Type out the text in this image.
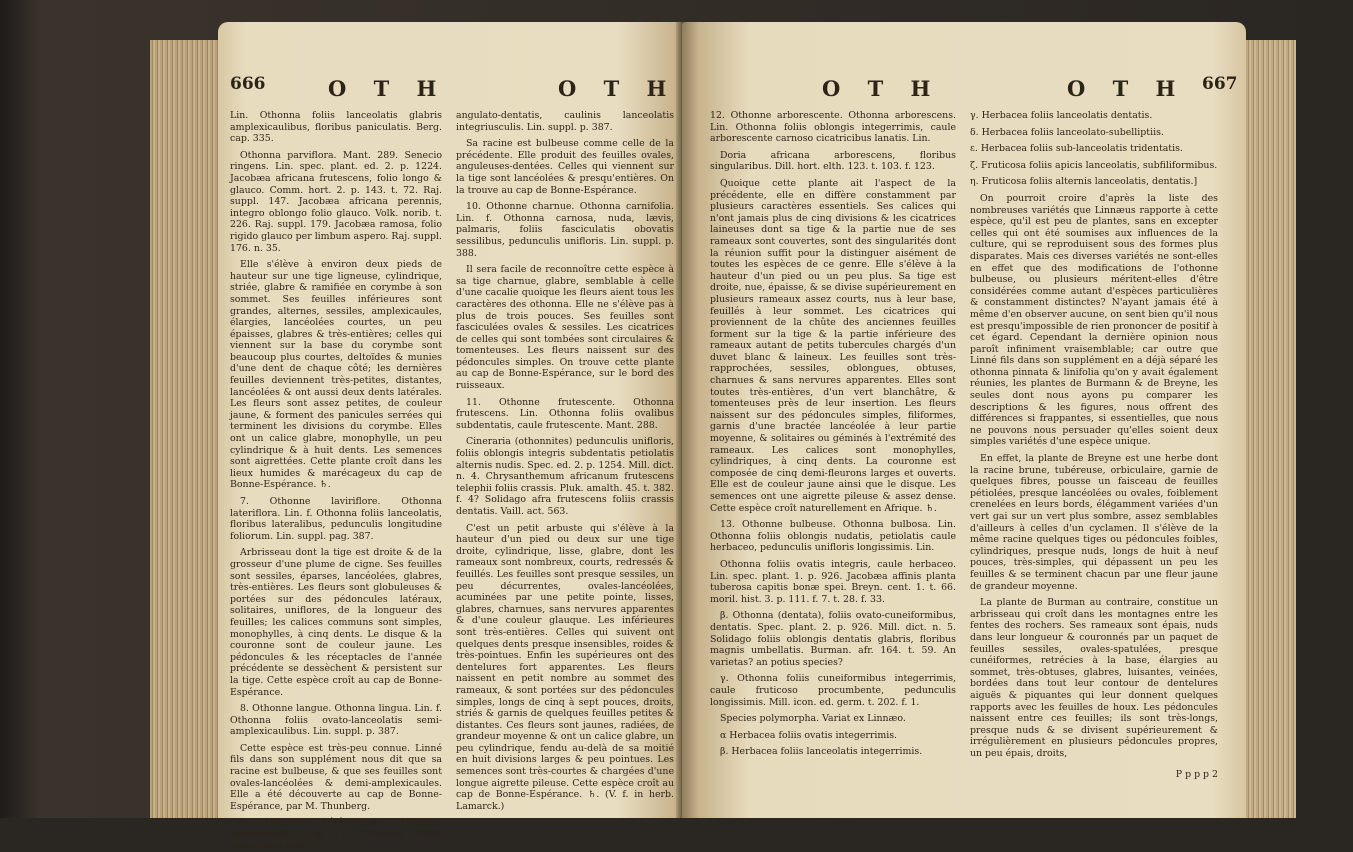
666	O T H	O T H

Lin. Othonna foliis lanceolatis glabris amplexicaulibus, floribus paniculatis. Berg. cap. 335.

Othonna parviflora. Mant. 289. Senecio ringens. Lin. spec. plant. ed. 2. p. 1224. Jacobæa africana frutescens, folio longo & glauco. Comm. hort. 2. p. 143. t. 72. Raj. suppl. 147. Jacobæa africana perennis, integro oblongo folio glauco. Volk. norib. t. 226. Raj. suppl. 179. Jacobæa ramosa, folio rigido glauco per limbum aspero. Raj. suppl. 176. n. 35.

Elle s'élève à environ deux pieds de hauteur sur une tige ligneuse, cylindrique, striée, glabre & ramifiée en corymbe à son sommet. Ses feuilles inférieures sont grandes, alternes, sessiles, amplexicaules, élargies, lancéolées courtes, un peu épaisses, glabres & très-entières; celles qui viennent sur la base du corymbe sont beaucoup plus courtes, deltoïdes & munies d'une dent de chaque côté; les dernières feuilles deviennent très-petites, distantes, lancéolées & ont aussi deux dents latérales. Les fleurs sont assez petites, de couleur jaune, & forment des panicules serrées qui terminent les divisions du corymbe. Elles ont un calice glabre, monophylle, un peu cylindrique & à huit dents. Les semences sont aigrettées. Cette plante croît dans les lieux humides & marécageux du cap de Bonne-Espérance. ♄.

7. Othonne laviriflore. Othonna lateriflora. Lin. f. Othonna foliis lanceolatis, floribus lateralibus, pedunculis longitudine foliorum. Lin. suppl. pag. 387.

Arbrisseau dont la tige est droite & de la grosseur d'une plume de cigne. Ses feuilles sont sessiles, éparses, lancéolées, glabres, très-entières. Les fleurs sont globuleuses & portées sur des pédoncules latéraux, solitaires, uniflores, de la longueur des feuilles; les calices communs sont simples, monophylles, à cinq dents. Le disque & la couronne sont de couleur jaune. Les pédoncules & les réceptacles de l'année précédente se dessèchent & persistent sur la tige. Cette espèce croît au cap de Bonne-Espérance.

8. Othonne langue. Othonna lingua. Lin. f. Othonna foliis ovato-lanceolatis semi-amplexicaulibus. Lin. suppl. p. 387.

Cette espèce est très-peu connue. Linné fils dans son supplément nous dit que sa racine est bulbeuse, & que ses feuilles sont ovales-lancéolées & demi-amplexicaules. Elle a été découverte au cap de Bonne-Espérance, par M. Thunberg.

9. Othonne hétérophylle. Othonna heterophylla. Lin. f. Othonna foliis radicalibus ovatis

angulato-dentatis, caulinis lanceolatis integriusculis. Lin. suppl. p. 387.

Sa racine est bulbeuse comme celle de la précédente. Elle produit des feuilles ovales, anguleuses-dentées. Celles qui viennent sur la tige sont lancéolées & presqu'entières. On la trouve au cap de Bonne-Espérance.

10. Othonne charnue. Othonna carnifolia. Lin. f. Othonna carnosa, nuda, lævis, palmaris, foliis fasciculatis obovatis sessilibus, pedunculis unifloris. Lin. suppl. p. 388.

Il sera facile de reconnoître cette espèce à sa tige charnue, glabre, semblable à celle d'une cacalie quoique les fleurs aient tous les caractères des othonna. Elle ne s'élève pas à plus de trois pouces. Ses feuilles sont fasciculées ovales & sessiles. Les cicatrices de celles qui sont tombées sont circulaires & tomenteuses. Les fleurs naissent sur des pédoncules simples. On trouve cette plante au cap de Bonne-Espérance, sur le bord des ruisseaux.

11. Othonne frutescente. Othonna frutescens. Lin. Othonna foliis ovalibus subdentatis, caule frutescente. Mant. 288.

Cineraria (othonnites) pedunculis unifloris, foliis oblongis integris subdentatis petiolatis alternis nudis. Spec. ed. 2. p. 1254. Mill. dict. n. 4. Chrysanthemum africanum frutescens telephii foliis crassis. Pluk. amalth. 45. t. 382. f. 4? Solidago afra frutescens foliis crassis dentatis. Vaill. act. 563.

C'est un petit arbuste qui s'élève à la hauteur d'un pied ou deux sur une tige droite, cylindrique, lisse, glabre, dont les rameaux sont nombreux, courts, redressés & feuillés. Les feuilles sont presque sessiles, un peu décurrentes, ovales-lancéolées, acuminées par une petite pointe, lisses, glabres, charnues, sans nervures apparentes & d'une couleur glauque. Les inférieures sont très-entières. Celles qui suivent ont quelques dents presque insensibles, roides & très-pointues. Enfin les supérieures ont des dentelures fort apparentes. Les fleurs naissent en petit nombre au sommet des rameaux, & sont portées sur des pédoncules simples, longs de cinq à sept pouces, droits, striés & garnis de quelques feuilles petites & distantes. Ces fleurs sont jaunes, radiées, de grandeur moyenne & ont un calice glabre, un peu cylindrique, fendu au-delà de sa moitié en huit divisions larges & peu pointues. Les semences sont très-courtes & chargées d'une longue aigrette pileuse. Cette espèce croît au cap de Bonne-Espérance. ♄. (V. f. in herb. Lamarck.)

O T H	O T H 667

12. Othonne arborescente. Othonna arborescens. Lin. Othonna foliis oblongis integerrimis, caule arborescente carnoso cicatricibus lanatis. Lin.

Doria africana arborescens, floribus singularibus. Dill. hort. elth. 123. t. 103. f. 123.

Quoique cette plante ait l'aspect de la précédente, elle en diffère constamment par plusieurs caractères essentiels. Ses calices qui n'ont jamais plus de cinq divisions & les cicatrices laineuses dont sa tige & la partie nue de ses rameaux sont couvertes, sont des singularités dont la réunion suffit pour la distinguer aisément de toutes les espèces de ce genre. Elle s'élève à la hauteur d'un pied ou un peu plus. Sa tige est droite, nue, épaisse, & se divise supérieurement en plusieurs rameaux assez courts, nus à leur base, feuillés à leur sommet. Les cicatrices qui proviennent de la chûte des anciennes feuilles forment sur la tige & la partie inférieure des rameaux autant de petits tubercules chargés d'un duvet blanc & laineux. Les feuilles sont très-rapprochées, sessiles, oblongues, obtuses, charnues & sans nervures apparentes. Elles sont toutes très-entières, d'un vert blanchâtre, & tomenteuses près de leur insertion. Les fleurs naissent sur des pédoncules simples, filiformes, garnis d'une bractée lancéolée à leur partie moyenne, & solitaires ou géminés à l'extrémité des rameaux. Les calices sont monophylles, cylindriques, à cinq dents. La couronne est composée de cinq demi-fleurons larges et ouverts. Elle est de couleur jaune ainsi que le disque. Les semences ont une aigrette pileuse & assez dense. Cette espèce croît naturellement en Afrique. ♄.

13. Othonne bulbeuse. Othonna bulbosa. Lin. Othonna foliis oblongis nudatis, petiolatis caule herbaceo, pedunculis unifloris longissimis. Lin.

Othonna foliis ovatis integris, caule herbaceo. Lin. spec. plant. 1. p. 926. Jacobæa affinis planta tuberosa capitis bonæ spei. Breyn. cent. 1. t. 66. moril. hist. 3. p. 111. f. 7. t. 28. f. 33.

β. Othonna (dentata), foliis ovato-cuneiformibus, dentatis. Spec. plant. 2. p. 926. Mill. dict. n. 5. Solidago foliis oblongis dentatis glabris, floribus magnis umbellatis. Burman. afr. 164. t. 59. An varietas? an potius species?

γ. Othonna foliis cuneiformibus integerrimis, caule fruticoso procumbente, pedunculis longissimis. Mill. icon. ed. germ. t. 202. f. 1.

Species polymorpha. Variat ex Linnæo.

α Herbacea foliis ovatis integerrimis.

β. Herbacea foliis lanceolatis integerrimis.

γ. Herbacea foliis lanceolatis dentatis.

δ. Herbacea foliis lanceolato-subelliptiis.

ε. Herbacea foliis sub-lanceolatis tridentatis.

ζ. Fruticosa foliis apicis lanceolatis, subfiliformibus.

η. Fruticosa foliis alternis lanceolatis, dentatis.]

On pourroit croire d'après la liste des nombreuses variétés que Linnæus rapporte à cette espèce, qu'il est peu de plantes, sans en excepter celles qui ont été soumises aux influences de la culture, qui se reproduisent sous des formes plus disparates. Mais ces diverses variétés ne sont-elles en effet que des modifications de l'othonne bulbeuse, ou plusieurs méritent-elles d'être considérées comme autant d'espèces particulières & constamment distinctes? N'ayant jamais été à même d'en observer aucune, on sent bien qu'il nous est presqu'impossible de rien prononcer de positif à cet égard. Cependant la dernière opinion nous paroît infiniment vraisemblable; car outre que Linné fils dans son supplément en a déjà séparé les othonna pinnata & linifolia qu'on y avait également réunies, les plantes de Burmann & de Breyne, les seules dont nous ayons pu comparer les descriptions & les figures, nous offrent des différences si frappantes, si essentielles, que nous ne pouvons nous persuader qu'elles soient deux simples variétés d'une espèce unique.

En effet, la plante de Breyne est une herbe dont la racine brune, tubéreuse, orbiculaire, garnie de quelques fibres, pousse un faisceau de feuilles pétiolées, presque lancéolées ou ovales, foiblement crenelées en leurs bords, élégamment variées d'un vert gai sur un vert plus sombre, assez semblables d'ailleurs à celles d'un cyclamen. Il s'élève de la même racine quelques tiges ou pédoncules foibles, cylindriques, presque nuds, longs de huit à neuf pouces, très-simples, qui dépassent un peu les feuilles & se terminent chacun par une fleur jaune de grandeur moyenne.

La plante de Burman au contraire, constitue un arbrisseau qui croît dans les montagnes entre les fentes des rochers. Ses rameaux sont épais, nuds dans leur longueur & couronnés par un paquet de feuilles sessiles, ovales-spatulées, presque cunéiformes, retrécies à la base, élargies au sommet, très-obtuses, glabres, luisantes, veinées, bordées dans tout leur contour de dentelures aiguës & piquantes qui leur donnent quelques rapports avec les feuilles de houx. Les pédoncules naissent entre ces feuilles; ils sont très-longs, presque nuds & se divisent supérieurement & irrégulièrement en plusieurs pédoncules propres, un peu épais, droits,

P p p p 2
